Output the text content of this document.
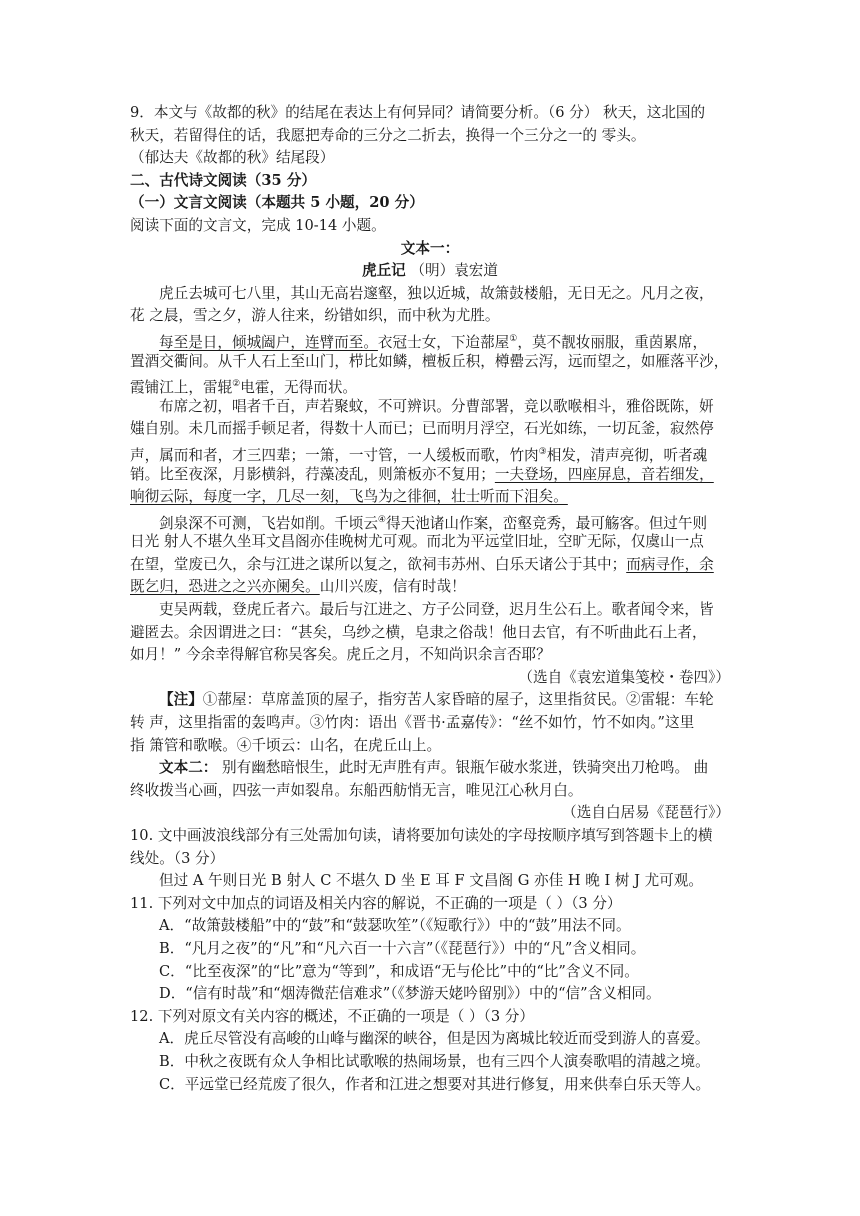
9．本文与《故都的秋》的结尾在表达上有何异同？请简要分析。（6 分） 秋天，这北国的
秋天，若留得住的话，我愿把寿命的三分之二折去，换得一个三分之一的 零头。
（郁达夫《故都的秋》结尾段）
二、古代诗文阅读（35 分）
（一）文言文阅读（本题共 5 小题，20 分）
阅读下面的文言文，完成 10-14 小题。
文本一：
虎丘记 （明）袁宏道
虎丘去城可七八里，其山无高岩邃壑，独以近城，故箫鼓楼船，无日无之。凡月之夜，
花 之晨，雪之夕，游人往来，纷错如织，而中秋为尤胜。
每至是日，倾城阖户，连臂而至。衣冠士女，下迨蔀屋①，莫不靓妆丽服，重茵累席，
置酒交衢间。从千人石上至山门，栉比如鳞，檀板丘积，樽罍云泻，远而望之，如雁落平沙，
霞铺江上，雷辊②电霍，无得而状。
布席之初，唱者千百，声若聚蚊，不可辨识。分曹部署，竞以歌喉相斗，雅俗既陈，妍
媸自别。未几而摇手顿足者，得数十人而已；已而明月浮空，石光如练，一切瓦釜，寂然停
声，属而和者，才三四辈；一箫，一寸管，一人缓板而歌，竹肉③相发，清声亮彻，听者魂
销。比至夜深，月影横斜，荇藻凌乱，则箫板亦不复用；一夫登场，四座屏息，音若细发，
响彻云际，每度一字，几尽一刻，飞鸟为之徘徊，壮士听而下泪矣。
剑泉深不可测，飞岩如削。千顷云④得天池诸山作案，峦壑竞秀，最可觞客。但过午则
日光 射人不堪久坐耳文昌阁亦佳晚树尤可观。而北为平远堂旧址，空旷无际，仅虞山一点
在望，堂废已久，余与江进之谋所以复之，欲祠韦苏州、白乐天诸公于其中；而病寻作，余
既乞归，恐进之之兴亦阑矣。山川兴废，信有时哉！
吏吴两载，登虎丘者六。最后与江进之、方子公同登，迟月生公石上。歌者闻令来，皆
避匿去。余因谓进之曰：“甚矣，乌纱之横，皂隶之俗哉！他日去官，有不听曲此石上者，
如月！” 今余幸得解官称吴客矣。虎丘之月，不知尚识余言否耶？
（选自《袁宏道集笺校・卷四》）
【注】①蔀屋：草席盖顶的屋子，指穷苦人家昏暗的屋子，这里指贫民。②雷辊：车轮
转 声，这里指雷的轰鸣声。③竹肉：语出《晋书·孟嘉传》：“丝不如竹，竹不如肉。”这里
指 箫管和歌喉。④千顷云：山名，在虎丘山上。
文本二： 别有幽愁暗恨生，此时无声胜有声。银瓶乍破水浆迸，铁骑突出刀枪鸣。 曲
终收拨当心画，四弦一声如裂帛。东船西舫悄无言，唯见江心秋月白。
（选自白居易《琵琶行》）
10. 文中画波浪线部分有三处需加句读，请将要加句读处的字母按顺序填写到答题卡上的横
线处。（3 分）
但过 A 午则日光 B 射人 C 不堪久 D 坐 E 耳 F 文昌阁 G 亦佳 H 晚 I 树 J 尤可观。
11. 下列对文中加点的词语及相关内容的解说，不正确的一项是（ ）（3 分）
A．“故箫鼓楼船”中的“鼓”和“鼓瑟吹笙”（《短歌行》）中的“鼓”用法不同。
B．“凡月之夜”的“凡”和“凡六百一十六言”（《琵琶行》）中的“凡”含义相同。
C．“比至夜深”的“比”意为“等到”，和成语“无与伦比”中的“比”含义不同。
D．“信有时哉”和“烟涛微茫信难求”（《梦游天姥吟留别》）中的“信”含义相同。
12. 下列对原文有关内容的概述，不正确的一项是（ ）（3 分）
A．虎丘尽管没有高峻的山峰与幽深的峡谷，但是因为离城比较近而受到游人的喜爱。
B．中秋之夜既有众人争相比试歌喉的热闹场景，也有三四个人演奏歌唱的清越之境。
C．平远堂已经荒废了很久，作者和江进之想要对其进行修复，用来供奉白乐天等人。
